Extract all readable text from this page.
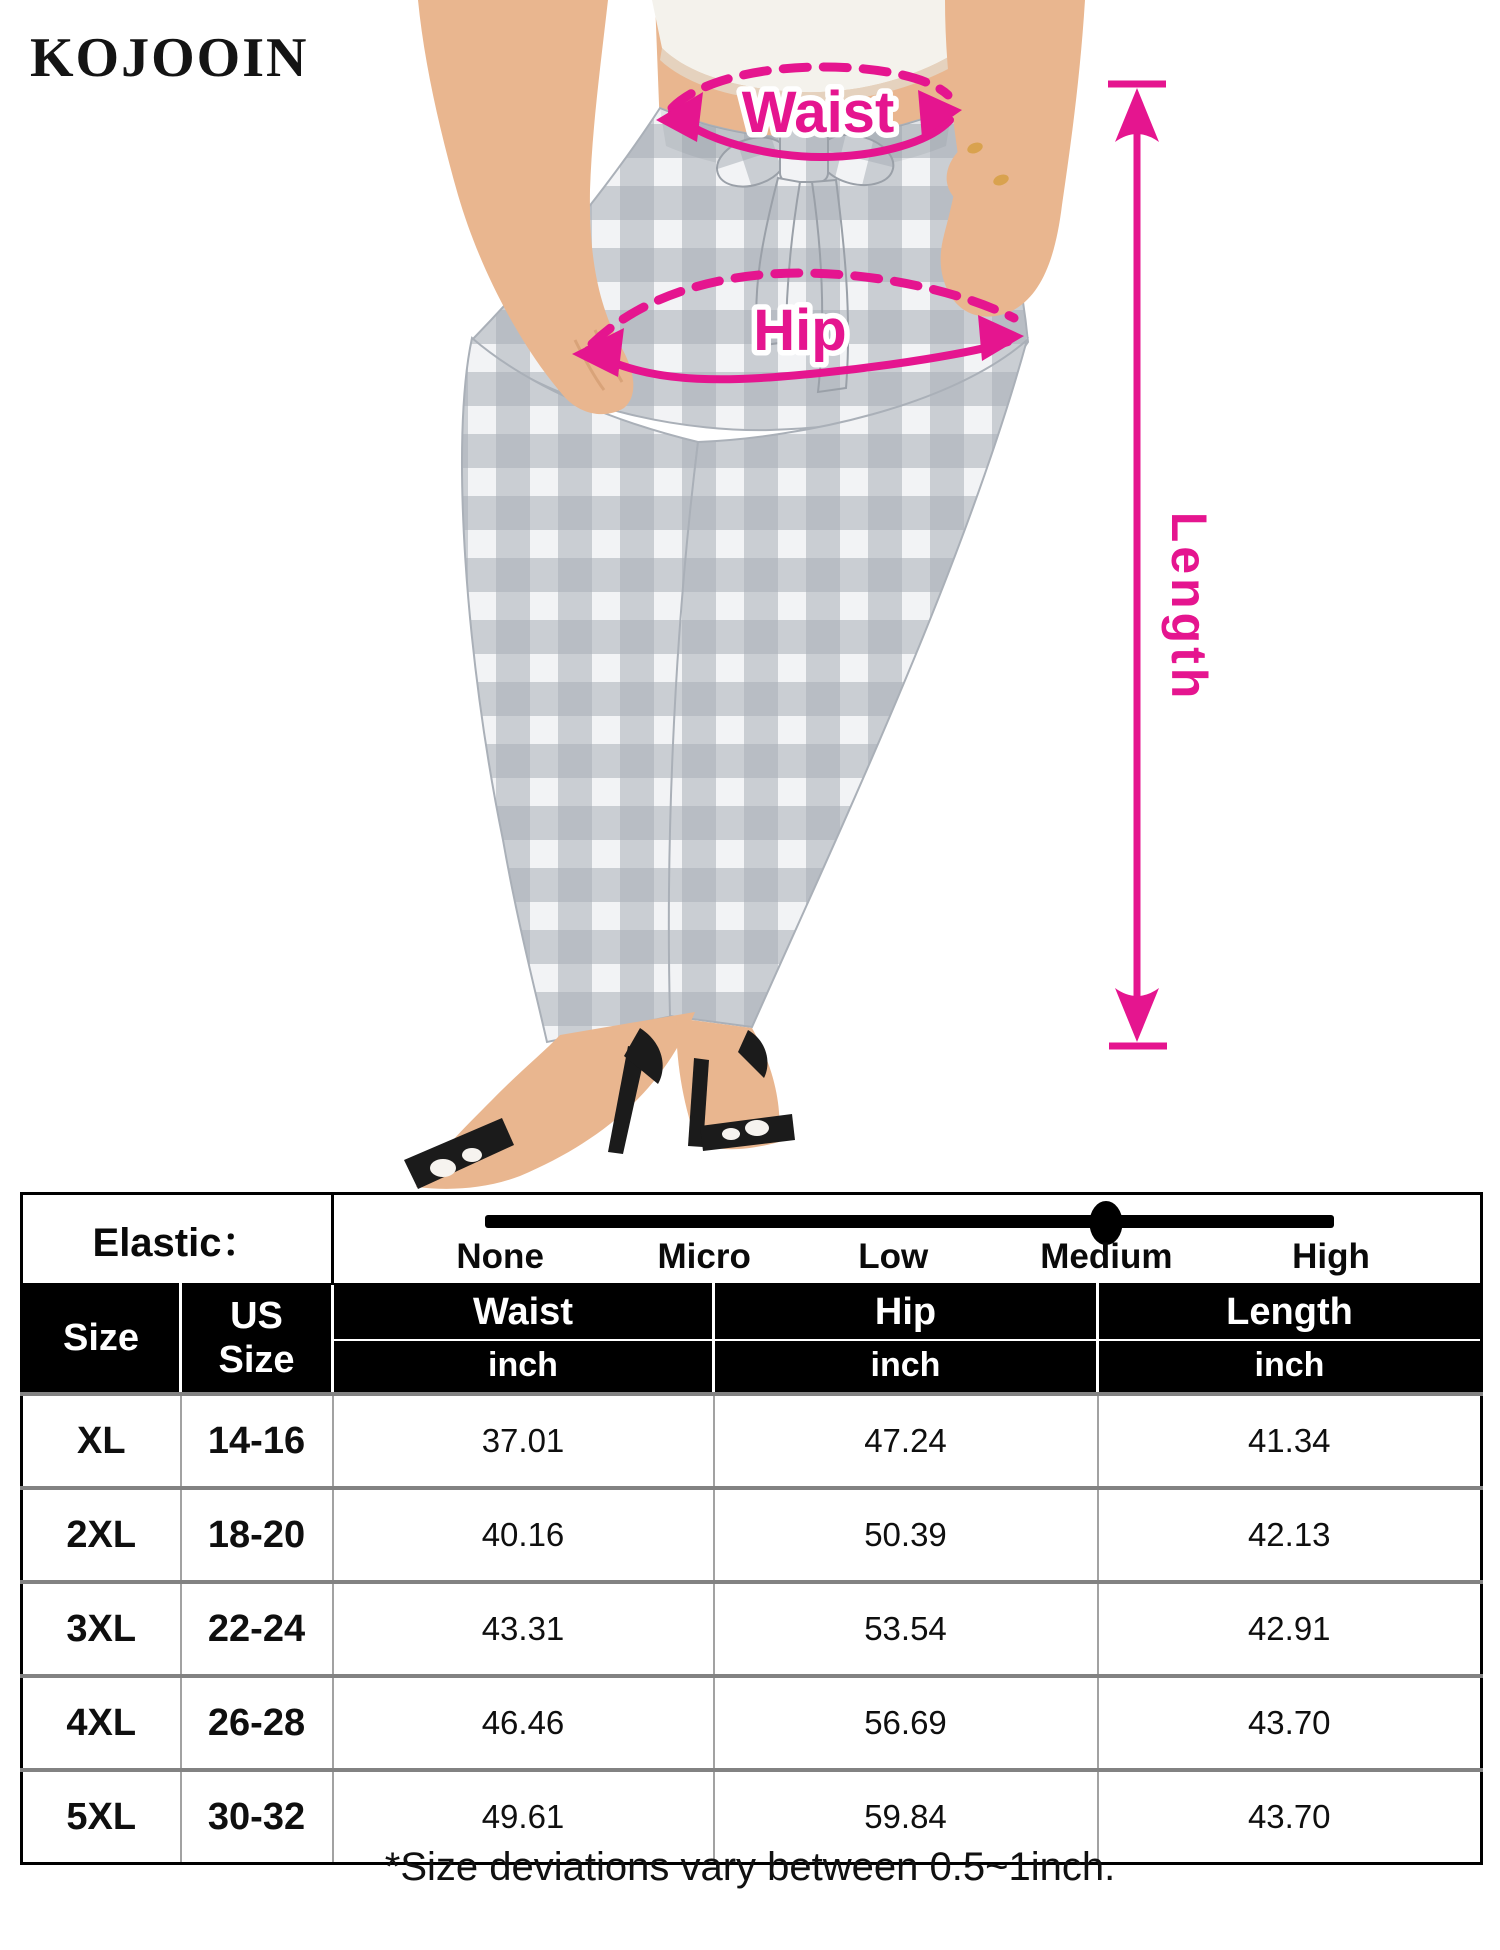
KOJOOIN
Waist
Hip
Length
Elastic：		None Micro Low Medium High		

Size	
US Size

Waist
inch

Hip
inch

Length
inch

XL	14-16	37.01	47.24	41.34
2XL	18-20	40.16	50.39	42.13
3XL	22-24	43.31	53.54	42.91
4XL	26-28	46.46	56.69	43.70
5XL	30-32	49.61	59.84	43.70
*Size deviations vary between 0.5~1inch.
